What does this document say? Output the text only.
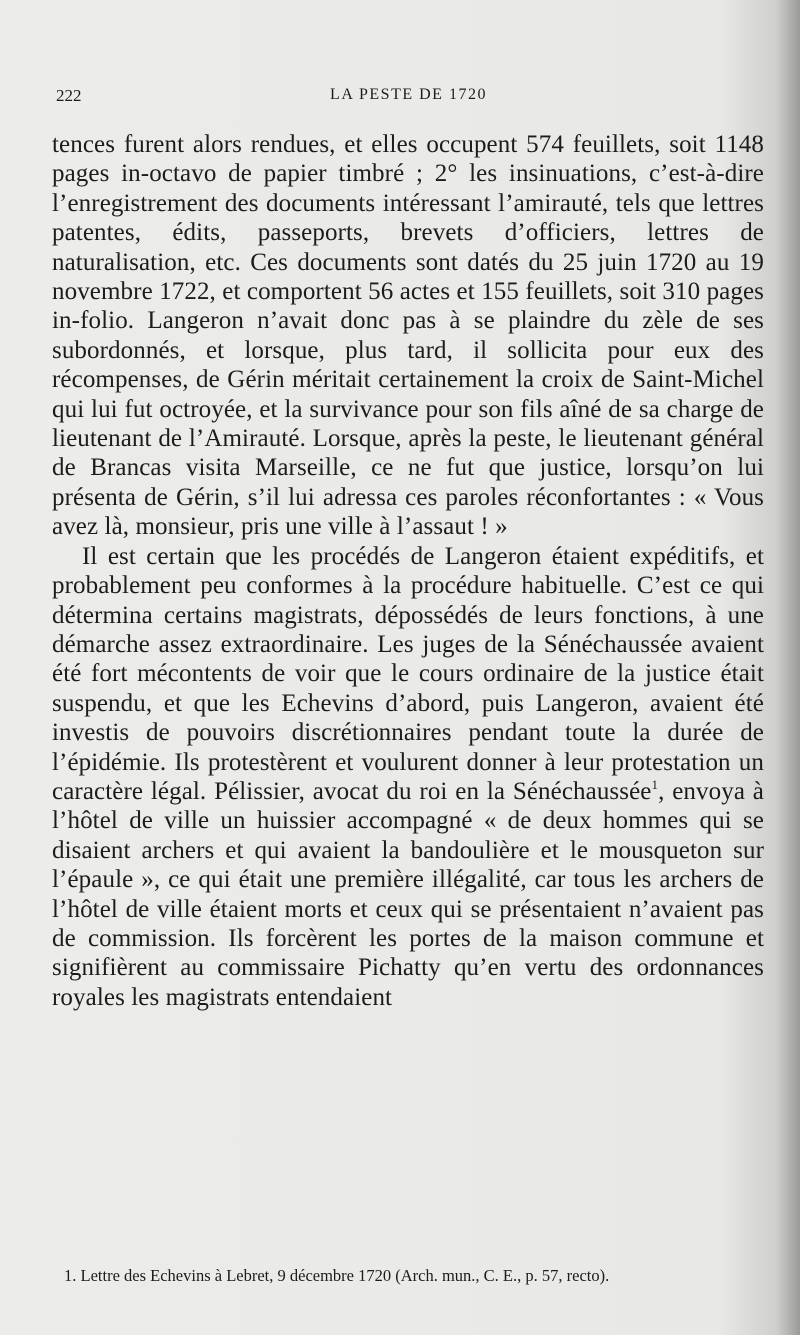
222	LA PESTE DE 1720

tences furent alors rendues, et elles occupent 574 feuillets, soit 1148 pages in-octavo de papier timbré ; 2° les insinuations, c’est-à-dire l’enregistrement des documents intéressant l’amirauté, tels que lettres patentes, édits, passeports, brevets d’officiers, lettres de naturalisation, etc. Ces documents sont datés du 25 juin 1720 au 19 novembre 1722, et comportent 56 actes et 155 feuillets, soit 310 pages in-folio. Langeron n’avait donc pas à se plaindre du zèle de ses subordonnés, et lorsque, plus tard, il sollicita pour eux des récompenses, de Gérin méritait certainement la croix de Saint-Michel qui lui fut octroyée, et la survivance pour son fils aîné de sa charge de lieutenant de l’Amirauté. Lorsque, après la peste, le lieutenant général de Brancas visita Marseille, ce ne fut que justice, lorsqu’on lui présenta de Gérin, s’il lui adressa ces paroles réconfortantes : « Vous avez là, monsieur, pris une ville à l’assaut ! »

Il est certain que les procédés de Langeron étaient expéditifs, et probablement peu conformes à la procédure habituelle. C’est ce qui détermina certains magistrats, dépossédés de leurs fonctions, à une démarche assez extraordinaire. Les juges de la Sénéchaussée avaient été fort mécontents de voir que le cours ordinaire de la justice était suspendu, et que les Echevins d’abord, puis Langeron, avaient été investis de pouvoirs discrétionnaires pendant toute la durée de l’épidémie. Ils protestèrent et voulurent donner à leur protestation un caractère légal. Pélissier, avocat du roi en la Sénéchaussée$^1$, envoya à l’hôtel de ville un huissier accompagné « de deux hommes qui se disaient archers et qui avaient la bandoulière et le mousqueton sur l’épaule », ce qui était une première illégalité, car tous les archers de l’hôtel de ville étaient morts et ceux qui se présentaient n’avaient pas de commission. Ils forcèrent les portes de la maison commune et signifièrent au commissaire Pichatty qu’en vertu des ordonnances royales les magistrats entendaient

1. Lettre des Echevins à Lebret, 9 décembre 1720 (Arch. mun., C. E., p. 57, recto).
